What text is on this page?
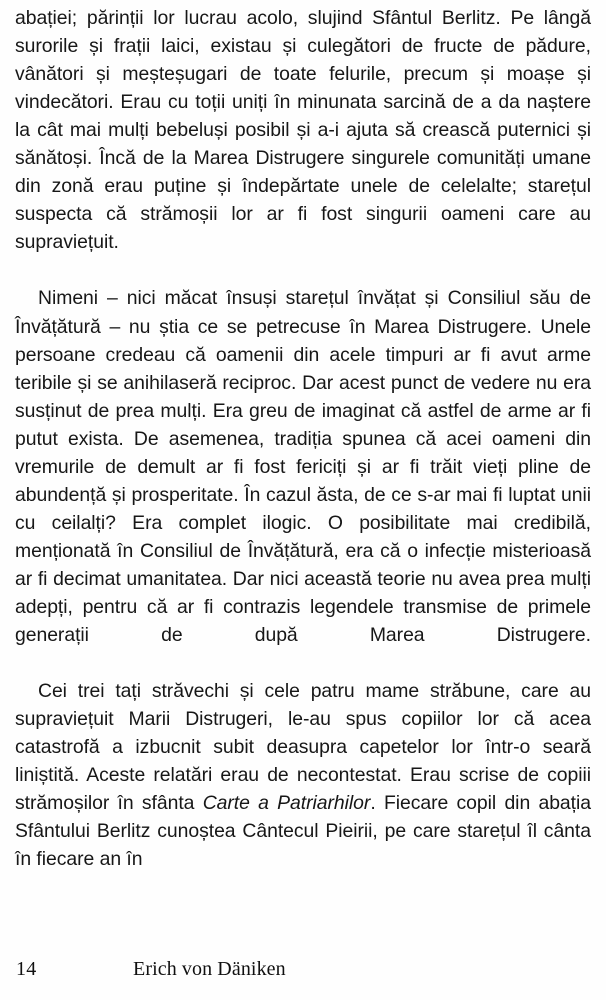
abației; părinții lor lucrau acolo, slujind Sfântul Berlitz. Pe lângă surorile și frații laici, existau și culegători de fructe de pădure, vânători și meșteșugari de toate felurile, precum și moașe și vindecători. Erau cu toții uniți în minunata sarcină de a da naștere la cât mai mulți bebeluși posibil și a-i ajuta să crească puternici și sănătoși. Încă de la Marea Distrugere singurele comunități umane din zonă erau puține și îndepărtate unele de celelalte; starețul suspecta că strămoșii lor ar fi fost singurii oameni care au supraviețuit.

Nimeni – nici măcat însuși starețul învățat și Consiliul său de Învățătură – nu știa ce se petrecuse în Marea Distrugere. Unele persoane credeau că oamenii din acele timpuri ar fi avut arme teribile și se anihilaseră reciproc. Dar acest punct de vedere nu era susținut de prea mulți. Era greu de imaginat că astfel de arme ar fi putut exista. De asemenea, tradiția spunea că acei oameni din vremurile de demult ar fi fost fericiți și ar fi trăit vieți pline de abundență și prosperitate. În cazul ăsta, de ce s-ar mai fi luptat unii cu ceilalți? Era complet ilogic. O posibilitate mai credibilă, menționată în Consiliul de Învățătură, era că o infecție misterioasă ar fi decimat umanitatea. Dar nici această teorie nu avea prea mulți adepți, pentru că ar fi contrazis legendele transmise de primele generații de după Marea Distrugere.

Cei trei tați străvechi și cele patru mame străbune, care au supraviețuit Marii Distrugeri, le-au spus copiilor lor că acea catastrofă a izbucnit subit deasupra capetelor lor într-o seară liniștită. Aceste relatări erau de necontestat. Erau scrise de copiii strămoșilor în sfânta Carte a Patriarhilor. Fiecare copil din abația Sfântului Berlitz cunoștea Cântecul Pieirii, pe care starețul îl cânta în fiecare an în

14	Erich von Däniken
